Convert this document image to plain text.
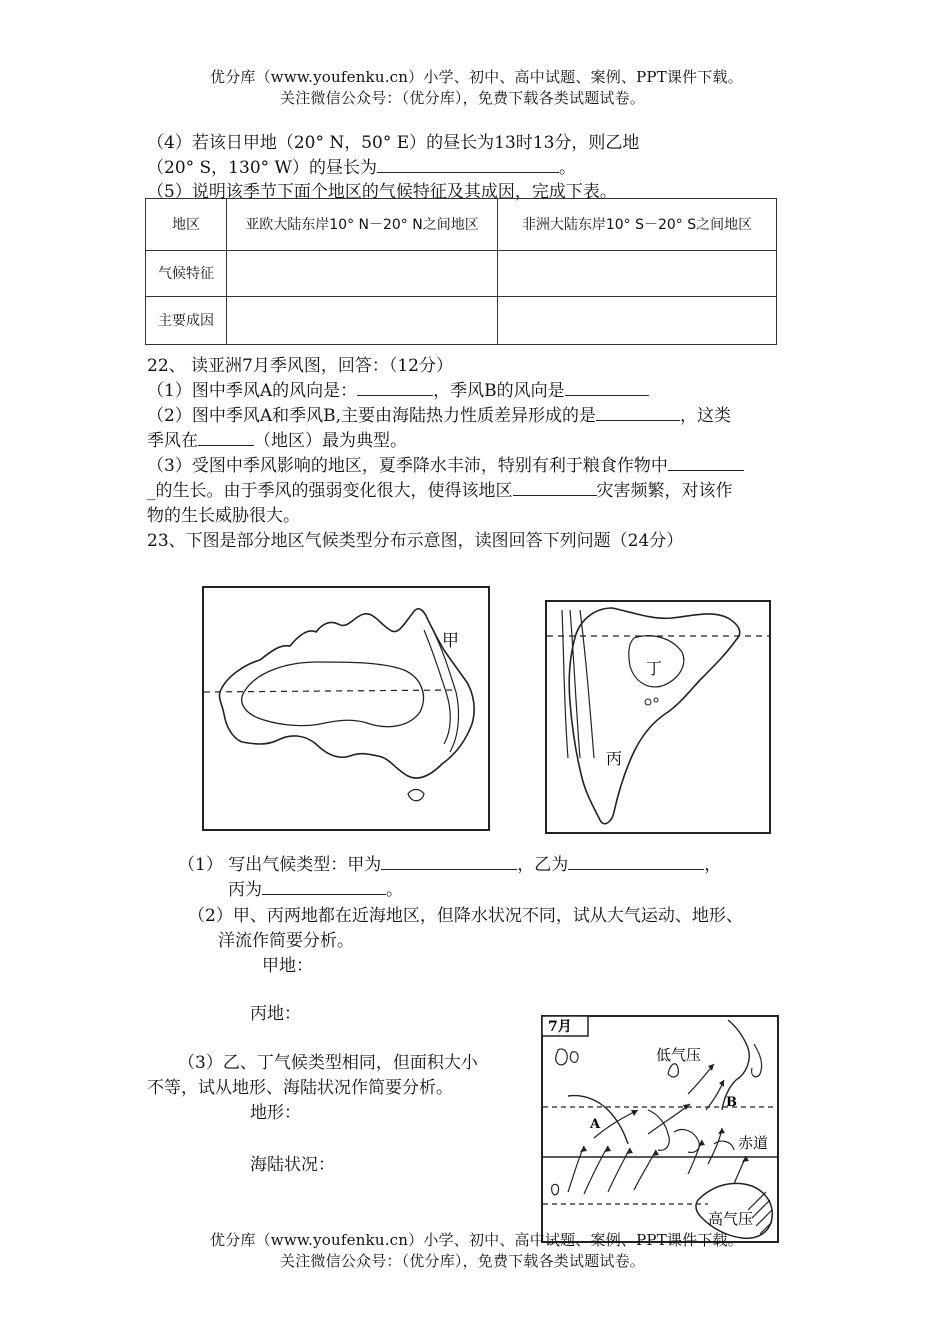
优分库（www.youfenku.cn）小学、初中、高中试题、案例、PPT课件下载。
关注微信公众号：（优分库），免费下载各类试题试卷。
（4）若该日甲地（20° N，50° E）的昼长为13时13分，则乙地
（20° S，130° W）的昼长为	。
（5）说明该季节下面个地区的气候特征及其成因，完成下表。
地区	亚欧大陆东岸10° N－20° N之间地区	非洲大陆东岸10° S－20° S之间地区
气候特征		
主要成因		
22、 读亚洲7月季风图，回答：（12分）
（1）图中季风A的风向是：	，季风B的风向是
（2）图中季风A和季风B,主要由海陆热力性质差异形成的是	，这类
季风在	（地区）最为典型。
（3）受图中季风影响的地区，夏季降水丰沛，特别有利于粮食作物中
_的生长。由于季风的强弱变化很大，使得该地区	灾害频繁，对该作
物的生长威胁很大。
23、下图是部分地区气候类型分布示意图，读图回答下列问题（24分）
甲
丁
丙
（1） 写出气候类型：甲为	，乙为	，
丙为	。
（2）甲、丙两地都在近海地区，但降水状况不同，试从大气运动、地形、
洋流作简要分析。
甲地：
丙地：
（3）乙、丁气候类型相同，但面积大小
不等，试从地形、海陆状况作简要分析。
地形：
海陆状况：
7月
低气压
赤道
高气压
A
B
优分库（www.youfenku.cn）小学、初中、高中试题、案例、PPT课件下载。
关注微信公众号：（优分库），免费下载各类试题试卷。
